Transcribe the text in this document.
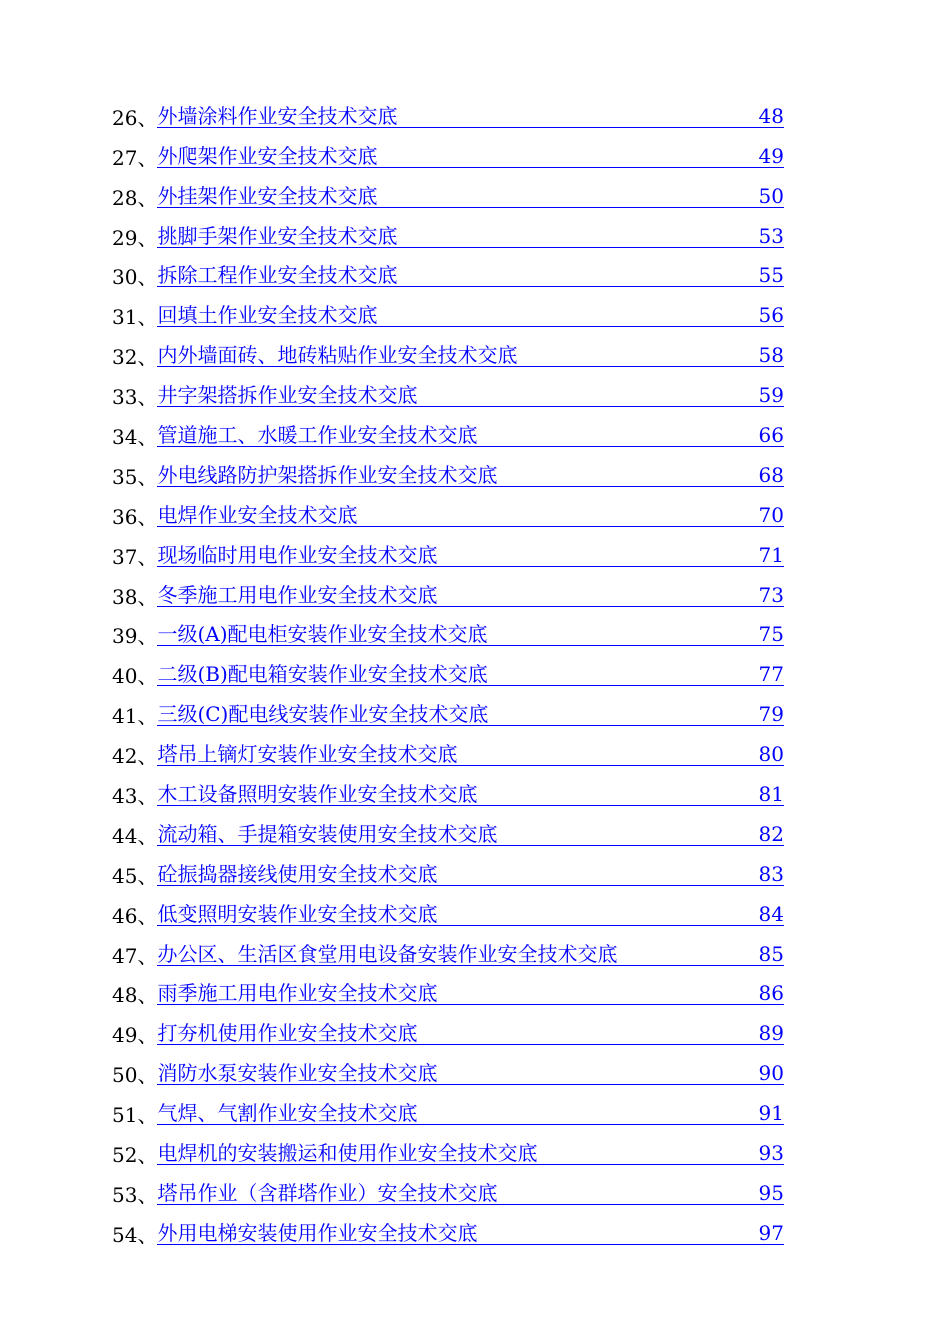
26、 外墙涂料作业安全技术交底	48
27、 外爬架作业安全技术交底	49
28、 外挂架作业安全技术交底	50
29、 挑脚手架作业安全技术交底	53
30、 拆除工程作业安全技术交底	55
31、 回填土作业安全技术交底	56
32、 内外墙面砖、地砖粘贴作业安全技术交底	58
33、 井字架搭拆作业安全技术交底	59
34、 管道施工、水暖工作业安全技术交底	66
35、 外电线路防护架搭拆作业安全技术交底	68
36、 电焊作业安全技术交底	70
37、 现场临时用电作业安全技术交底	71
38、 冬季施工用电作业安全技术交底	73
39、 一级(A)配电柜安装作业安全技术交底	75
40、 二级(B)配电箱安装作业安全技术交底	77
41、 三级(C)配电线安装作业安全技术交底	79
42、 塔吊上镝灯安装作业安全技术交底	80
43、 木工设备照明安装作业安全技术交底	81
44、 流动箱、手提箱安装使用安全技术交底	82
45、 砼振捣器接线使用安全技术交底	83
46、 低变照明安装作业安全技术交底	84
47、 办公区、生活区食堂用电设备安装作业安全技术交底	85
48、 雨季施工用电作业安全技术交底	86
49、 打夯机使用作业安全技术交底	89
50、 消防水泵安装作业安全技术交底	90
51、 气焊、气割作业安全技术交底	91
52、 电焊机的安装搬运和使用作业安全技术交底	93
53、 塔吊作业（含群塔作业）安全技术交底	95
54、 外用电梯安装使用作业安全技术交底	97
